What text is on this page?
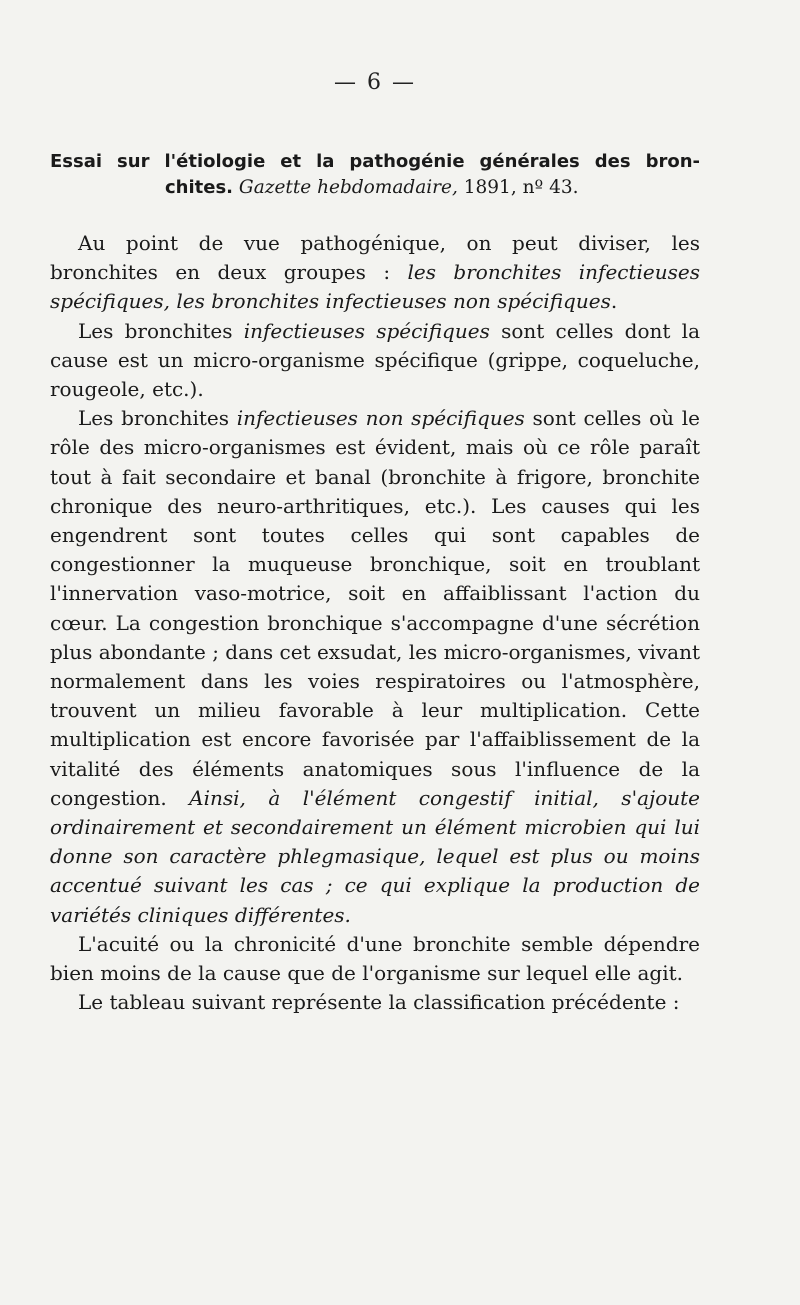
— 6 —
Essai sur l'étiologie et la pathogénie générales des bron-
chites. Gazette hebdomadaire, 1891, nº 43.

Au point de vue pathogénique, on peut diviser, les bronchites en deux groupes : les bronchites infectieuses spécifiques, les bronchites infectieuses non spécifiques.

Les bronchites infectieuses spécifiques sont celles dont la cause est un micro-organisme spécifique (grippe, coqueluche, rougeole, etc.).

Les bronchites infectieuses non spécifiques sont celles où le rôle des micro-organismes est évident, mais où ce rôle paraît tout à fait secondaire et banal (bronchite à frigore, bronchite chronique des neuro-arthritiques, etc.). Les causes qui les engendrent sont toutes celles qui sont capables de congestionner la muqueuse bronchique, soit en troublant l'innervation vaso-motrice, soit en affaiblissant l'action du cœur. La congestion bronchique s'accompagne d'une sécrétion plus abondante ; dans cet exsudat, les micro-organismes, vivant normalement dans les voies respiratoires ou l'atmosphère, trouvent un milieu favorable à leur multiplication. Cette multiplication est encore favorisée par l'affaiblissement de la vitalité des éléments anatomiques sous l'influence de la congestion. Ainsi, à l'élément congestif initial, s'ajoute ordinairement et secondairement un élément microbien qui lui donne son caractère phlegmasique, lequel est plus ou moins accentué suivant les cas ; ce qui explique la production de variétés cliniques différentes.

L'acuité ou la chronicité d'une bronchite semble dépendre bien moins de la cause que de l'organisme sur lequel elle agit.

Le tableau suivant représente la classification précédente :
